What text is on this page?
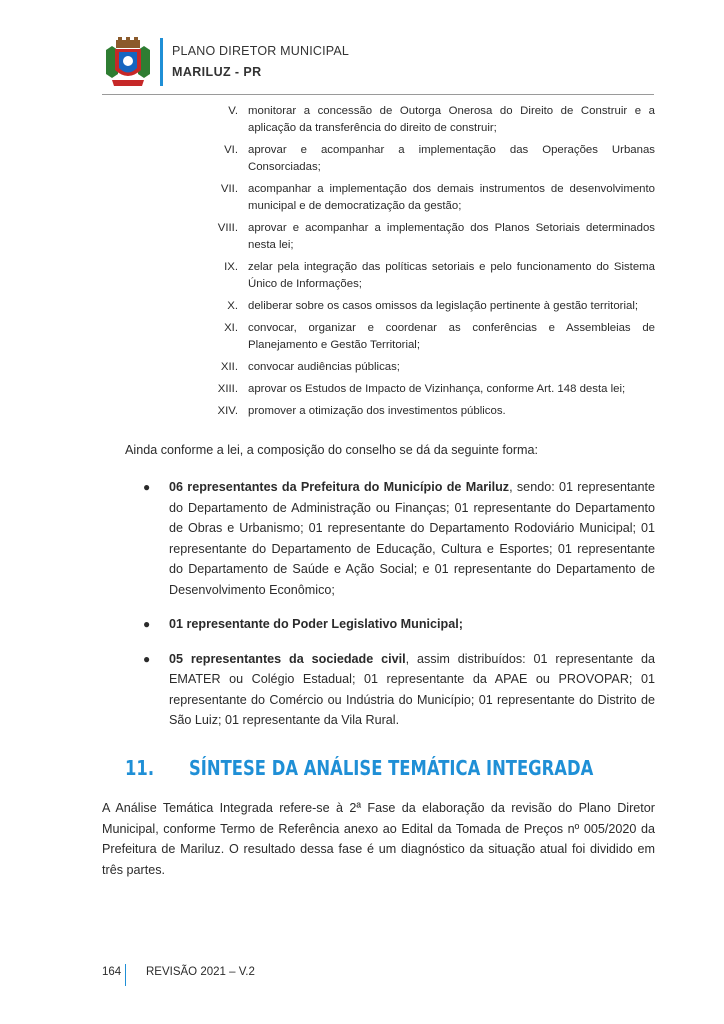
PLANO DIRETOR MUNICIPAL
MARILUZ - PR
V. monitorar a concessão de Outorga Onerosa do Direito de Construir e a aplicação da transferência do direito de construir;
VI. aprovar e acompanhar a implementação das Operações Urbanas Consorciadas;
VII. acompanhar a implementação dos demais instrumentos de desenvolvimento municipal e de democratização da gestão;
VIII. aprovar e acompanhar a implementação dos Planos Setoriais determinados nesta lei;
IX. zelar pela integração das políticas setoriais e pelo funcionamento do Sistema Único de Informações;
X. deliberar sobre os casos omissos da legislação pertinente à gestão territorial;
XI. convocar, organizar e coordenar as conferências e Assembleias de Planejamento e Gestão Territorial;
XII. convocar audiências públicas;
XIII. aprovar os Estudos de Impacto de Vizinhança, conforme Art. 148 desta lei;
XIV. promover a otimização dos investimentos públicos.
Ainda conforme a lei, a composição do conselho se dá da seguinte forma:
●	06 representantes da Prefeitura do Município de Mariluz, sendo: 01 representante do Departamento de Administração ou Finanças; 01 representante do Departamento de Obras e Urbanismo; 01 representante do Departamento Rodoviário Municipal; 01 representante do Departamento de Educação, Cultura e Esportes; 01 representante do Departamento de Saúde e Ação Social; e 01 representante do Departamento de Desenvolvimento Econômico;
●	01 representante do Poder Legislativo Municipal;
●	05 representantes da sociedade civil, assim distribuídos: 01 representante da EMATER ou Colégio Estadual; 01 representante da APAE ou PROVOPAR; 01 representante do Comércio ou Indústria do Município; 01 representante do Distrito de São Luiz; 01 representante da Vila Rural.
11. SÍNTESE DA ANÁLISE TEMÁTICA INTEGRADA
A Análise Temática Integrada refere-se à 2ª Fase da elaboração da revisão do Plano Diretor Municipal, conforme Termo de Referência anexo ao Edital da Tomada de Preços nº 005/2020 da Prefeitura de Mariluz. O resultado dessa fase é um diagnóstico da situação atual foi dividido em três partes.
164 REVISÃO 2021 – V.2
